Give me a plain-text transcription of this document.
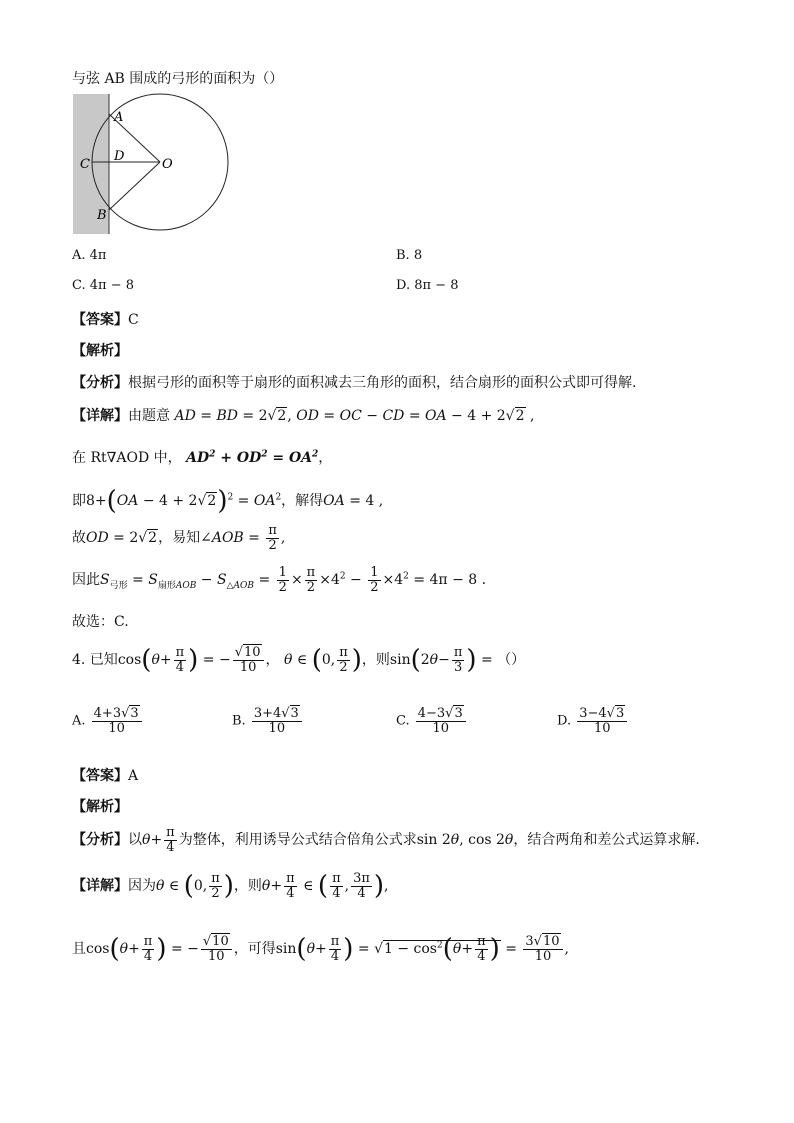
与弦 AB 围成的弓形的面积为（）
A
B
C
D
O
A. 4π	B. 8
C. 4π − 8	D. 8π − 8
【答案】C
【解析】
【分析】根据弓形的面积等于扇形的面积减去三角形的面积，结合扇形的面积公式即可得解.
【详解】由题意 AD = BD = 2√2, OD = OC − CD = OA − 4 + 2√2 ,
在 Rt∇AOD 中， $AD^2 + OD^2 = OA^2$，
即$8+(OA - 4 + 2√2)^2 = OA^2$，解得OA = 4 ,
故OD = 2√2，易知∠AOB = $\frac{\pi}{2}$ ,
因此$S_{弓形} = S_{扇形AOB} - S_{\triangle AOB} = \frac{1}{2} \times \frac{\pi}{2} \times 4^2 - \frac{1}{2} \times 4^2 = 4\pi - 8$ .
故选：C.
4. 已知$\cos(\theta+ \frac{\pi}{4}$ ) = − $\frac{√10}{10}$ ， θ ∈ (0, $\frac{\pi}{2}$ )，则$\sin(2\theta- \frac{\pi}{3}$ ) = （）
A. $\frac{4+3√3}{10}$	B. $\frac{3+4√3}{10}$	C. $\frac{4-3√3}{10}$	D. $\frac{3-4√3}{10}$
【答案】A
【解析】
【分析】以$\theta+ \frac{\pi}{4}$ 为整体，利用诱导公式结合倍角公式求sin 2θ, cos 2θ，结合两角和差公式运算求解.
【详解】因为θ ∈ (0, $\frac{\pi}{2}$ )，则$\theta+ \frac{\pi}{4}$ ∈ ( $\frac{\pi}{4}$ , $\frac{3\pi}{4}$ ),
且$\cos(\theta+ \frac{\pi}{4}$ ) = − $\frac{√10}{10}$ ，可得$\sin(\theta+ \frac{\pi}{4}$ ) = $√1 - \cos^2(\theta+ \frac{\pi}{4}$ ) = $\frac{3√10}{10}$ ,
